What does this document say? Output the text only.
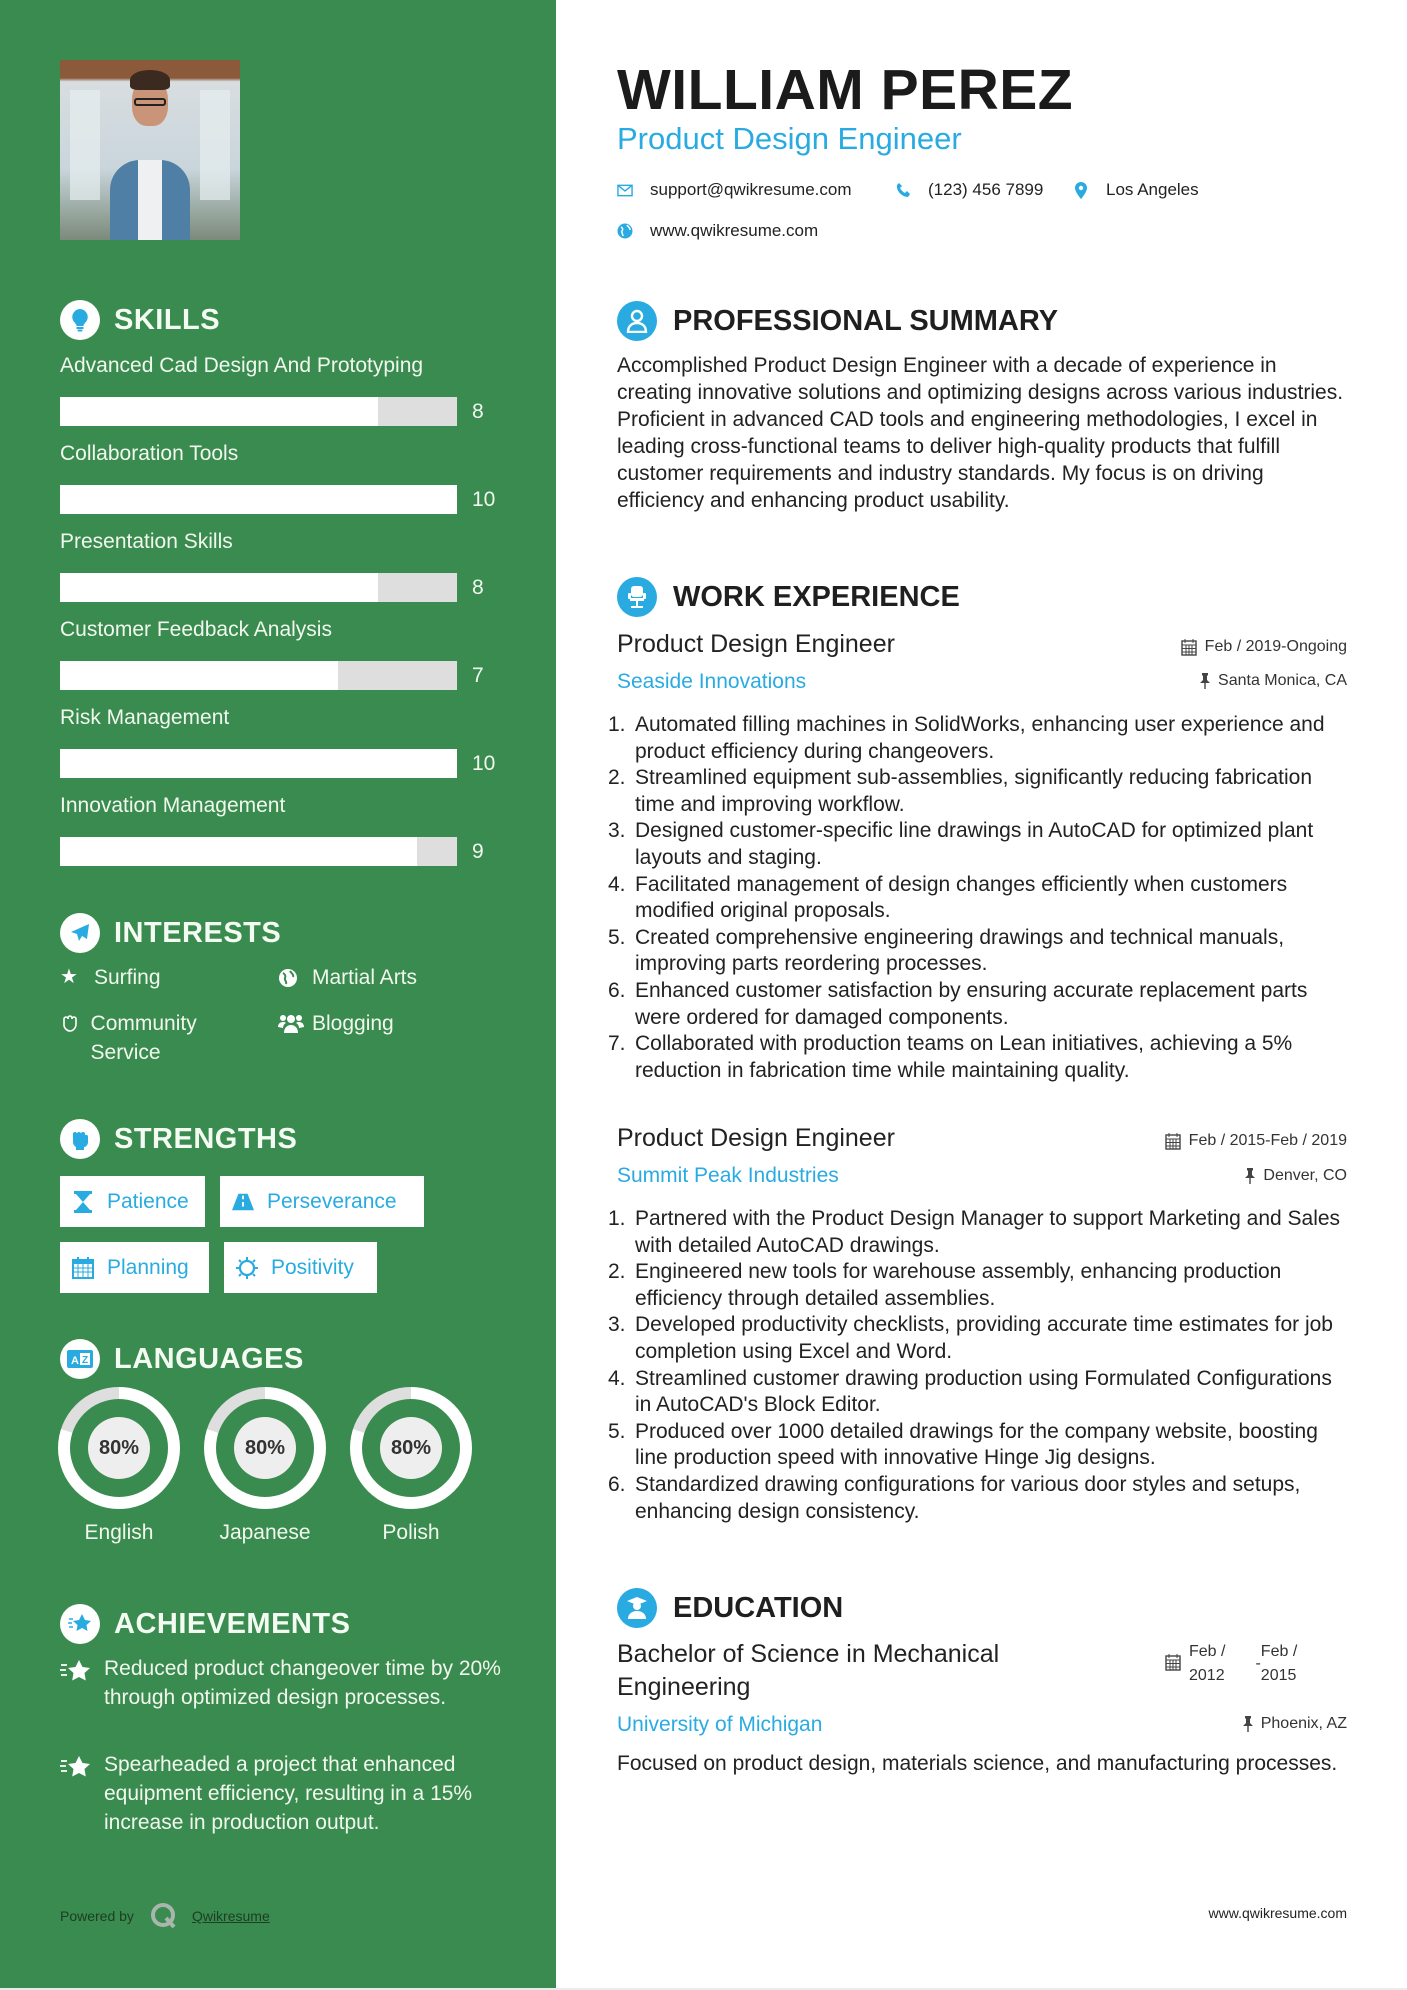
SKILLS
Advanced Cad Design And Prototyping
8
Collaboration Tools
10
Presentation Skills
8
Customer Feedback Analysis
7
Risk Management
10
Innovation Management
9
INTERESTS
★ Surfing	Martial Arts
Community Service
Blogging
STRENGTHS
Patience	Perseverance
Planning	Positivity
A Z LANGUAGES
80%
English
80%
Japanese
80%
Polish
ACHIEVEMENTS
Reduced product changeover time by 20% through optimized design processes.
Spearheaded a project that enhanced equipment efficiency, resulting in a 15% increase in production output.
Powered by	Qwikresume
WILLIAM PEREZ
Product Design Engineer
support@qwikresume.com	(123) 456 7899	Los Angeles
www.qwikresume.com
PROFESSIONAL SUMMARY
Accomplished Product Design Engineer with a decade of experience in creating innovative solutions and optimizing designs across various industries. Proficient in advanced CAD tools and engineering methodologies, I excel in leading cross-functional teams to deliver high-quality products that fulfill customer requirements and industry standards. My focus is on driving efficiency and enhancing product usability.
WORK EXPERIENCE
Product Design Engineer	Feb / 2019-Ongoing
Seaside Innovations	Santa Monica, CA
1. Automated filling machines in SolidWorks, enhancing user experience and product efficiency during changeovers.
2. Streamlined equipment sub-assemblies, significantly reducing fabrication time and improving workflow.
3. Designed customer-specific line drawings in AutoCAD for optimized plant layouts and staging.
4. Facilitated management of design changes efficiently when customers modified original proposals.
5. Created comprehensive engineering drawings and technical manuals, improving parts reordering processes.
6. Enhanced customer satisfaction by ensuring accurate replacement parts were ordered for damaged components.
7. Collaborated with production teams on Lean initiatives, achieving a 5% reduction in fabrication time while maintaining quality.
Product Design Engineer	Feb / 2015-Feb / 2019
Summit Peak Industries	Denver, CO
1. Partnered with the Product Design Manager to support Marketing and Sales with detailed AutoCAD drawings.
2. Engineered new tools for warehouse assembly, enhancing production efficiency through detailed assemblies.
3. Developed productivity checklists, providing accurate time estimates for job completion using Excel and Word.
4. Streamlined customer drawing production using Formulated Configurations in AutoCAD's Block Editor.
5. Produced over 1000 detailed drawings for the company website, boosting line production speed with innovative Hinge Jig designs.
6. Standardized drawing configurations for various door styles and setups, enhancing design consistency.
EDUCATION
Bachelor of Science in Mechanical Engineering
Feb /
2012
-
Feb /
2015
University of Michigan	Phoenix, AZ
Focused on product design, materials science, and manufacturing processes.
www.qwikresume.com
